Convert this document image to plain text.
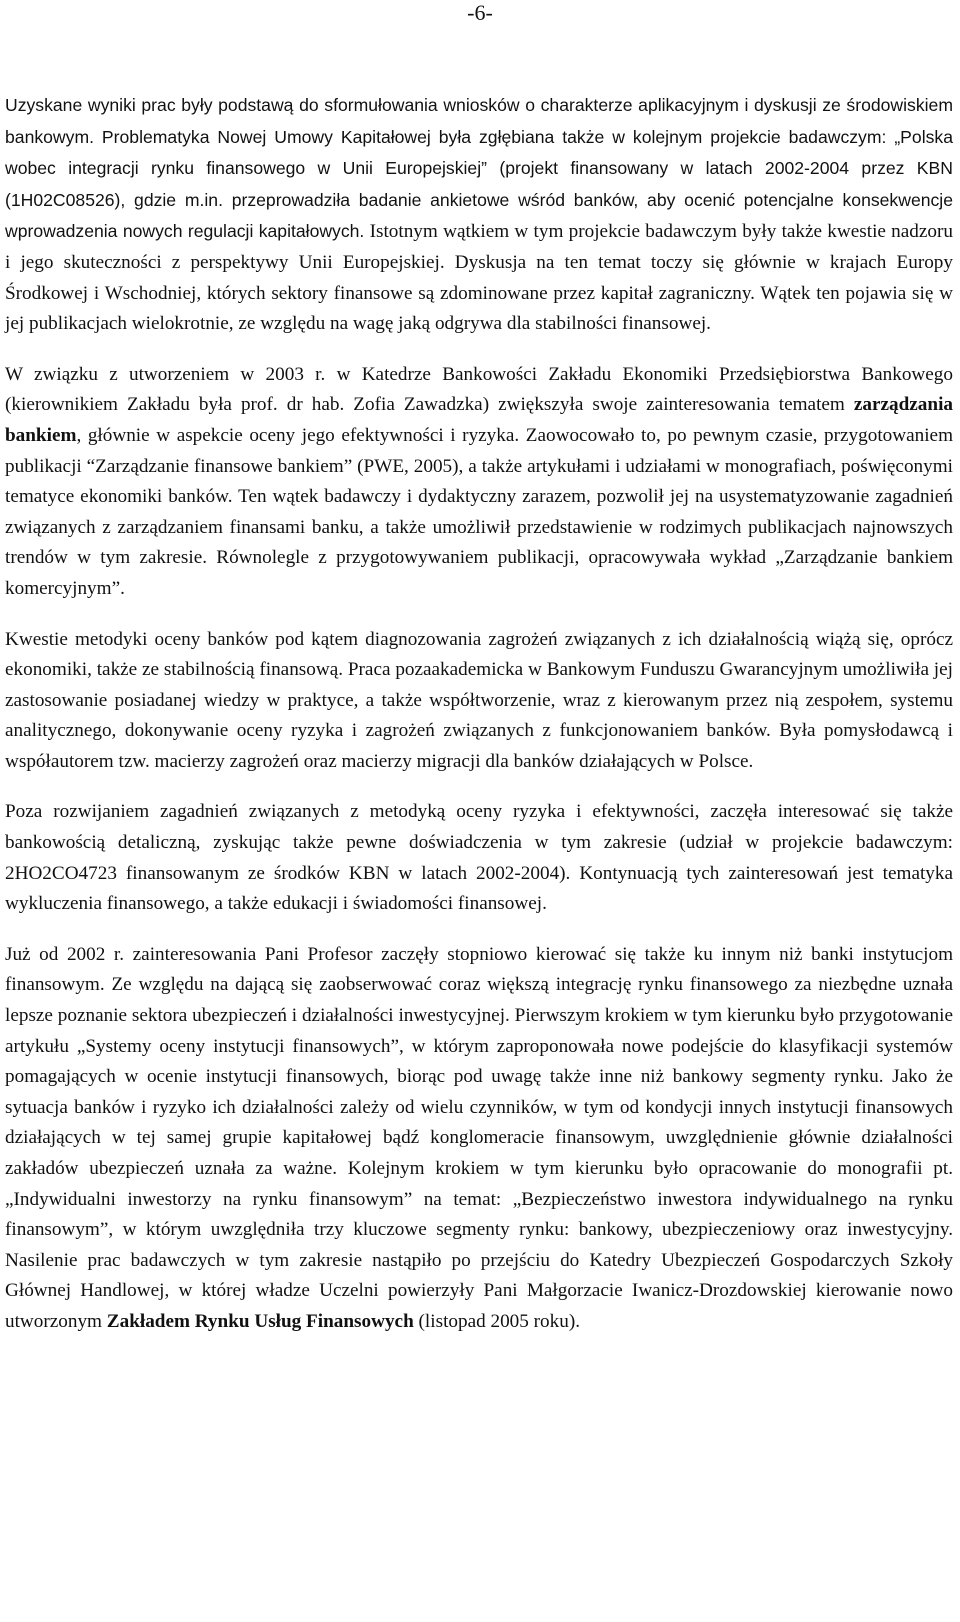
-6-

Uzyskane wyniki prac były podstawą do sformułowania wniosków o charakterze aplikacyjnym i dyskusji ze środowiskiem bankowym. Problematyka Nowej Umowy Kapitałowej była zgłębiana także w kolejnym projekcie badawczym: „Polska wobec integracji rynku finansowego w Unii Europejskiej” (projekt finansowany w latach 2002-2004 przez KBN (1H02C08526), gdzie m.in. przeprowadziła badanie ankietowe wśród banków, aby ocenić potencjalne konsekwencje wprowadzenia nowych regulacji kapitałowych. Istotnym wątkiem w tym projekcie badawczym były także kwestie nadzoru i jego skuteczności z perspektywy Unii Europejskiej. Dyskusja na ten temat toczy się głównie w krajach Europy Środkowej i Wschodniej, których sektory finansowe są zdominowane przez kapitał zagraniczny. Wątek ten pojawia się w jej publikacjach wielokrotnie, ze względu na wagę jaką odgrywa dla stabilności finansowej.

W związku z utworzeniem w 2003 r. w Katedrze Bankowości Zakładu Ekonomiki Przedsiębiorstwa Bankowego (kierownikiem Zakładu była prof. dr hab. Zofia Zawadzka) zwiększyła swoje zainteresowania tematem zarządzania bankiem, głównie w aspekcie oceny jego efektywności i ryzyka. Zaowocowało to, po pewnym czasie, przygotowaniem publikacji “Zarządzanie finansowe bankiem” (PWE, 2005), a także artykułami i udziałami w monografiach, poświęconymi tematyce ekonomiki banków. Ten wątek badawczy i dydaktyczny zarazem, pozwolił jej na usystematyzowanie zagadnień związanych z zarządzaniem finansami banku, a także umożliwił przedstawienie w rodzimych publikacjach najnowszych trendów w tym zakresie. Równolegle z przygotowywaniem publikacji, opracowywała wykład „Zarządzanie bankiem komercyjnym”.

Kwestie metodyki oceny banków pod kątem diagnozowania zagrożeń związanych z ich działalnością wiążą się, oprócz ekonomiki, także ze stabilnością finansową. Praca pozaakademicka w Bankowym Funduszu Gwarancyjnym umożliwiła jej zastosowanie posiadanej wiedzy w praktyce, a także współtworzenie, wraz z kierowanym przez nią zespołem, systemu analitycznego, dokonywanie oceny ryzyka i zagrożeń związanych z funkcjonowaniem banków. Była pomysłodawcą i współautorem tzw. macierzy zagrożeń oraz macierzy migracji dla banków działających w Polsce.

Poza rozwijaniem zagadnień związanych z metodyką oceny ryzyka i efektywności, zaczęła interesować się także bankowością detaliczną, zyskując także pewne doświadczenia w tym zakresie (udział w projekcie badawczym: 2HO2CO4723 finansowanym ze środków KBN w latach 2002-2004). Kontynuacją tych zainteresowań jest tematyka wykluczenia finansowego, a także edukacji i świadomości finansowej.

Już od 2002 r. zainteresowania Pani Profesor zaczęły stopniowo kierować się także ku innym niż banki instytucjom finansowym. Ze względu na dającą się zaobserwować coraz większą integrację rynku finansowego za niezbędne uznała lepsze poznanie sektora ubezpieczeń i działalności inwestycyjnej. Pierwszym krokiem w tym kierunku było przygotowanie artykułu „Systemy oceny instytucji finansowych”, w którym zaproponowała nowe podejście do klasyfikacji systemów pomagających w ocenie instytucji finansowych, biorąc pod uwagę także inne niż bankowy segmenty rynku. Jako że sytuacja banków i ryzyko ich działalności zależy od wielu czynników, w tym od kondycji innych instytucji finansowych działających w tej samej grupie kapitałowej bądź konglomeracie finansowym, uwzględnienie głównie działalności zakładów ubezpieczeń uznała za ważne. Kolejnym krokiem w tym kierunku było opracowanie do monografii pt. „Indywidualni inwestorzy na rynku finansowym” na temat: „Bezpieczeństwo inwestora indywidualnego na rynku finansowym”, w którym uwzględniła trzy kluczowe segmenty rynku: bankowy, ubezpieczeniowy oraz inwestycyjny. Nasilenie prac badawczych w tym zakresie nastąpiło po przejściu do Katedry Ubezpieczeń Gospodarczych Szkoły Głównej Handlowej, w której władze Uczelni powierzyły Pani Małgorzacie Iwanicz-Drozdowskiej kierowanie nowo utworzonym Zakładem Rynku Usług Finansowych (listopad 2005 roku).
